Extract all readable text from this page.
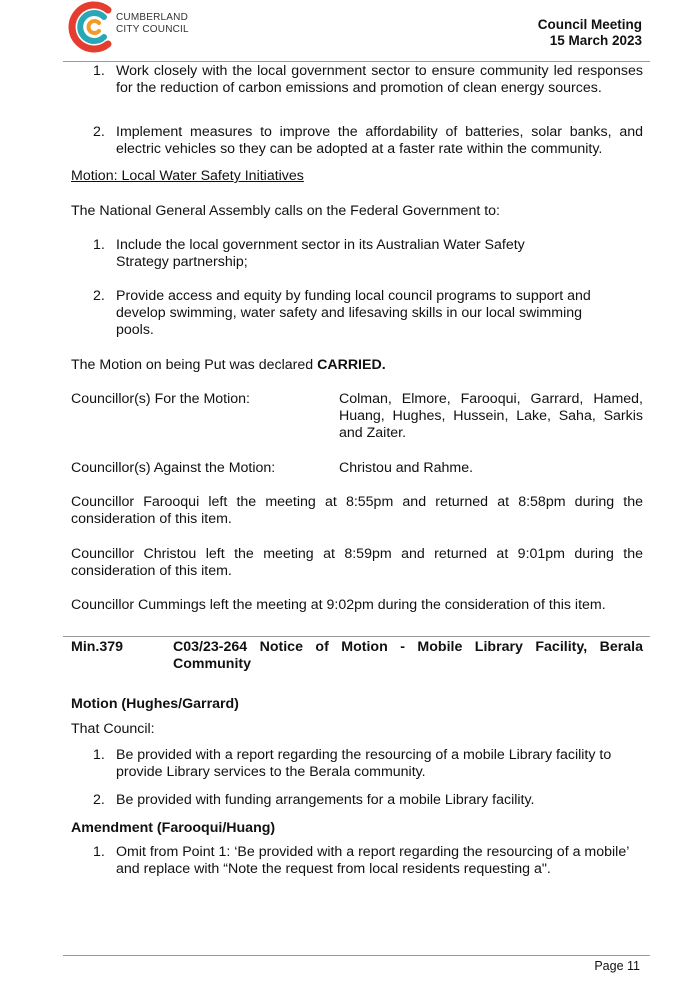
CUMBERLAND
CITY COUNCIL	Council Meeting
15 March 2023
1. Work closely with the local government sector to ensure community led responses for the reduction of carbon emissions and promotion of clean energy sources.
2. Implement measures to improve the affordability of batteries, solar banks, and electric vehicles so they can be adopted at a faster rate within the community.
Motion: Local Water Safety Initiatives
The National General Assembly calls on the Federal Government to:
1. Include the local government sector in its Australian Water Safety Strategy partnership;
2. Provide access and equity by funding local council programs to support and develop swimming, water safety and lifesaving skills in our local swimming pools.
The Motion on being Put was declared CARRIED.
Councillor(s) For the Motion:	Colman, Elmore, Farooqui, Garrard, Hamed, Huang, Hughes, Hussein, Lake, Saha, Sarkis and Zaiter.
Councillor(s) Against the Motion:	Christou and Rahme.
Councillor Farooqui left the meeting at 8:55pm and returned at 8:58pm during the consideration of this item.
Councillor Christou left the meeting at 8:59pm and returned at 9:01pm during the consideration of this item.
Councillor Cummings left the meeting at 9:02pm during the consideration of this item.
Min.379	C03/23-264 Notice of Motion - Mobile Library Facility, Berala Community
Motion (Hughes/Garrard)
That Council:
1. Be provided with a report regarding the resourcing of a mobile Library facility to provide Library services to the Berala community.
2. Be provided with funding arrangements for a mobile Library facility.
Amendment (Farooqui/Huang)
1. Omit from Point 1: ‘Be provided with a report regarding the resourcing of a mobile’ and replace with “Note the request from local residents requesting a".
Page 11
